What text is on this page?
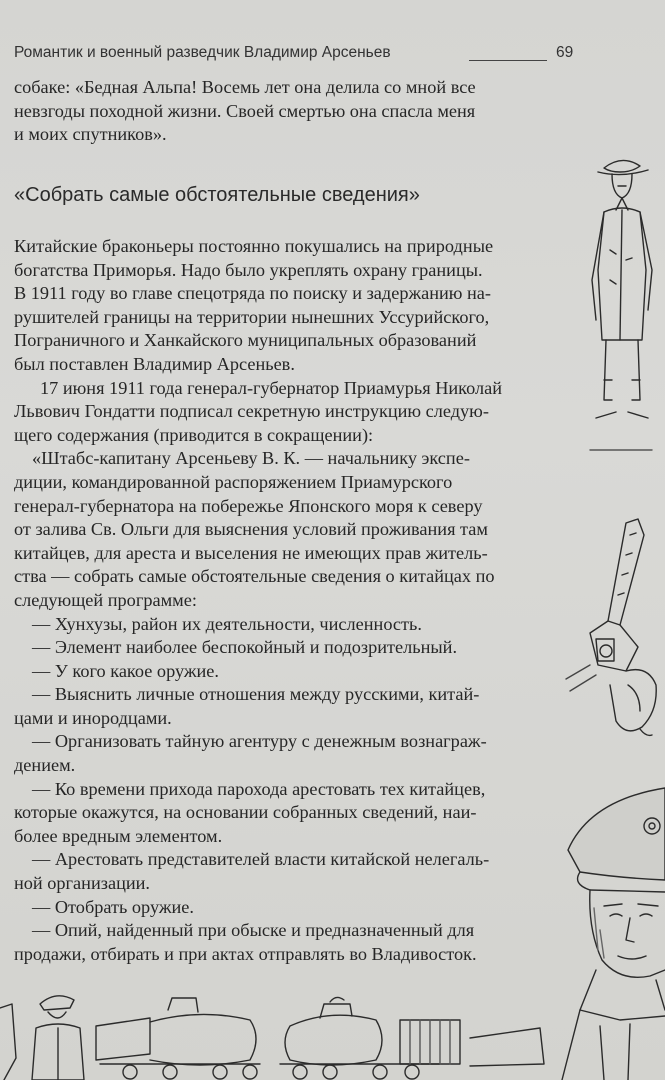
Романтик и военный разведчик Владимир Арсеньев	69
собаке: «Бедная Альпа! Восемь лет она делила со мной все
невзгоды походной жизни. Своей смертью она спасла меня
и моих спутников».
«Собрать самые обстоятельные сведения»
Китайские браконьеры постоянно покушались на природные
богатства Приморья. Надо было укреплять охрану границы.
В 1911 году во главе спецотряда по поиску и задержанию на-
рушителей границы на территории нынешних Уссурийского,
Пограничного и Ханкайского муниципальных образований
был поставлен Владимир Арсеньев.
17 июня 1911 года генерал-губернатор Приамурья Николай
Львович Гондатти подписал секретную инструкцию следую-
щего содержания (приводится в сокращении):
«Штабс-капитану Арсеньеву В. К. — начальнику экспе-
диции, командированной распоряжением Приамурского
генерал-губернатора на побережье Японского моря к северу
от залива Св. Ольги для выяснения условий проживания там
китайцев, для ареста и выселения не имеющих прав житель-
ства — собрать самые обстоятельные сведения о китайцах по
следующей программе:
— Хунхузы, район их деятельности, численность.
— Элемент наиболее беспокойный и подозрительный.
— У кого какое оружие.
— Выяснить личные отношения между русскими, китай-
цами и инородцами.
— Организовать тайную агентуру с денежным вознаграж-
дением.
— Ко времени прихода парохода арестовать тех китайцев,
которые окажутся, на основании собранных сведений, наи-
более вредным элементом.
— Арестовать представителей власти китайской нелегаль-
ной организации.
— Отобрать оружие.
— Опий, найденный при обыске и предназначенный для
продажи, отбирать и при актах отправлять во Владивосток.
